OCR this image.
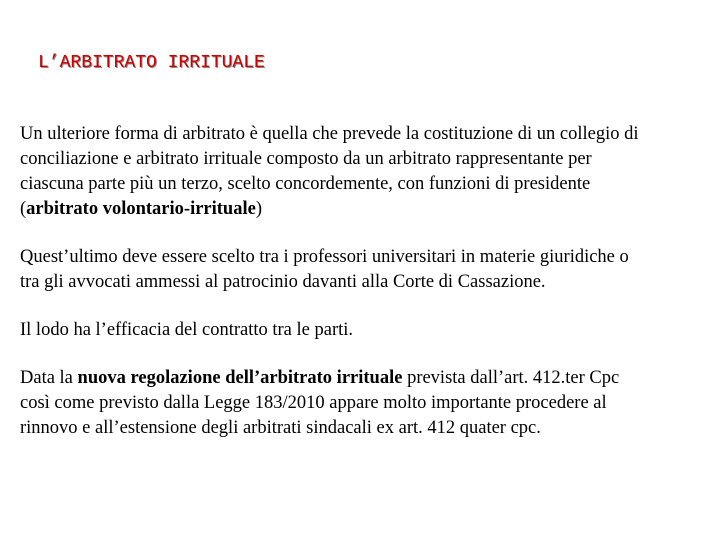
L’ARBITRATO IRRITUALE

Un ulteriore forma di arbitrato è quella che prevede la costituzione di un collegio di
conciliazione e arbitrato irrituale composto da un arbitrato rappresentante per
ciascuna parte più un terzo, scelto concordemente, con funzioni di presidente
(arbitrato volontario-irrituale)

Quest’ultimo deve essere scelto tra i professori universitari in materie giuridiche o
tra gli avvocati ammessi al patrocinio davanti alla Corte di Cassazione.

Il lodo ha l’efficacia del contratto tra le parti.

Data la nuova regolazione dell’arbitrato irrituale prevista dall’art. 412.ter Cpc
così come previsto dalla Legge 183/2010 appare molto importante procedere al
rinnovo e all’estensione degli arbitrati sindacali ex art. 412 quater cpc.
